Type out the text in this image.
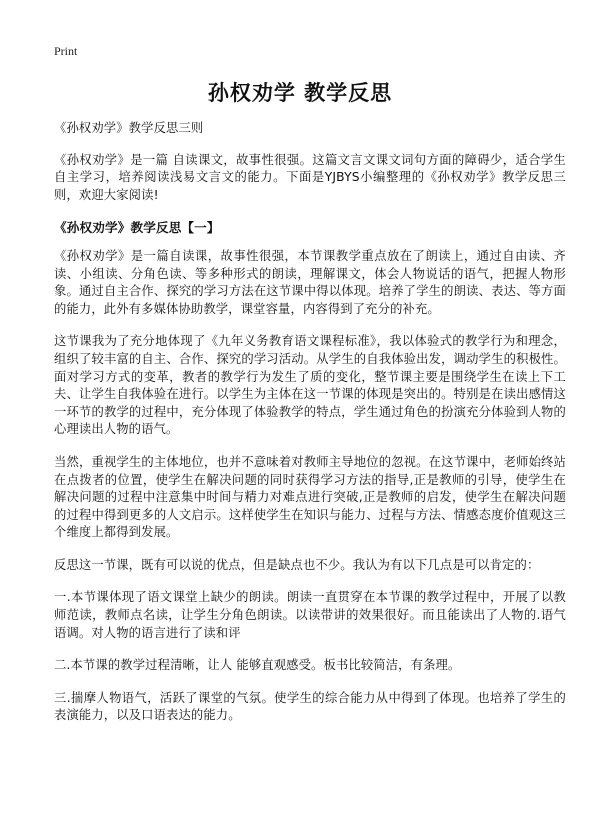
Print
孙权劝学 教学反思

《孙权劝学》教学反思三则

《孙权劝学》是一篇 自读课文，故事性很强。这篇文言文课文词句方面的障碍少，适合学生自主学习，培养阅读浅易文言文的能力。下面是YJBYS小编整理的《孙权劝学》教学反思三则，欢迎大家阅读!

《孙权劝学》教学反思【一】

《孙权劝学》是一篇自读课，故事性很强，本节课教学重点放在了朗读上，通过自由读、齐读、小组读、分角色读、等多种形式的朗读，理解课文，体会人物说话的语气，把握人物形象。通过自主合作、探究的学习方法在这节课中得以体现。培养了学生的朗读、表达、等方面的能力，此外有多媒体协助教学，课堂容量，内容得到了充分的补充。

这节课我为了充分地体现了《九年义务教育语文课程标准》，我以体验式的教学行为和理念，组织了较丰富的自主、合作、探究的学习活动。从学生的自我体验出发，调动学生的积极性。面对学习方式的变革，教者的教学行为发生了质的变化，整节课主要是围绕学生在读上下工夫、让学生自我体验在进行。以学生为主体在这一节课的体现是突出的。特别是在读出感情这一环节的教学的过程中，充分体现了体验教学的特点，学生通过角色的扮演充分体验到人物的心理读出人物的语气。

当然，重视学生的主体地位，也并不意味着对教师主导地位的忽视。在这节课中，老师始终站在点拨者的位置，使学生在解决问题的同时获得学习方法的指导,正是教师的引导，使学生在解决问题的过程中注意集中时间与精力对难点进行突破,正是教师的启发，使学生在解决问题的过程中得到更多的人文启示。这样使学生在知识与能力、过程与方法、情感态度价值观这三个维度上都得到发展。

反思这一节课，既有可以说的优点，但是缺点也不少。我认为有以下几点是可以肯定的：

一.本节课体现了语文课堂上缺少的朗读。朗读一直贯穿在本节课的教学过程中，开展了以教师范读，教师点名读，让学生分角色朗读。以读带讲的效果很好。而且能读出了人物的.语气语调。对人物的语言进行了读和评

二.本节课的教学过程清晰，让人 能够直观感受。板书比较简洁，有条理。

三.揣摩人物语气，活跃了课堂的气氛。使学生的综合能力从中得到了体现。也培养了学生的表演能力，以及口语表达的能力。
